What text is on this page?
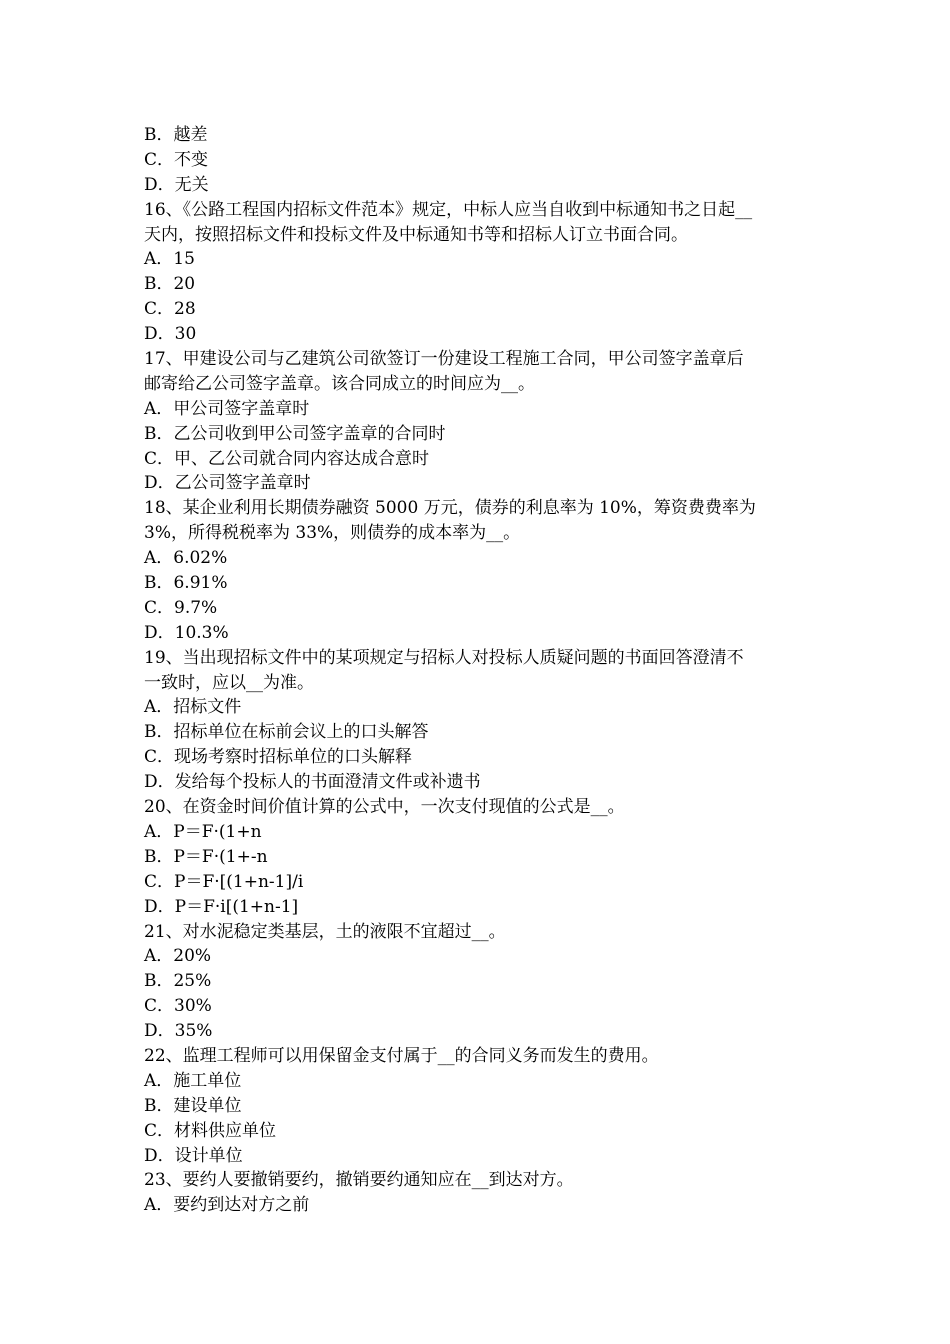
B．越差
C．不变
D．无关
16、《公路工程国内招标文件范本》规定，中标人应当自收到中标通知书之日起__
天内，按照招标文件和投标文件及中标通知书等和招标人订立书面合同。
A．15
B．20
C．28
D．30
17、甲建设公司与乙建筑公司欲签订一份建设工程施工合同，甲公司签字盖章后
邮寄给乙公司签字盖章。该合同成立的时间应为__。
A．甲公司签字盖章时
B．乙公司收到甲公司签字盖章的合同时
C．甲、乙公司就合同内容达成合意时
D．乙公司签字盖章时
18、某企业利用长期债券融资 5000 万元，债券的利息率为 10%，筹资费费率为
3%，所得税税率为 33%，则债券的成本率为__。
A．6.02%
B．6.91%
C．9.7%
D．10.3%
19、当出现招标文件中的某项规定与招标人对投标人质疑问题的书面回答澄清不
一致时，应以__为准。
A．招标文件
B．招标单位在标前会议上的口头解答
C．现场考察时招标单位的口头解释
D．发给每个投标人的书面澄清文件或补遗书
20、在资金时间价值计算的公式中，一次支付现值的公式是__。
A．P＝F·(1+n
B．P＝F·(1+-n
C．P＝F·[(1+n-1]/i
D．P＝F·i[(1+n-1]
21、对水泥稳定类基层，土的液限不宜超过__。
A．20%
B．25%
C．30%
D．35%
22、监理工程师可以用保留金支付属于__的合同义务而发生的费用。
A．施工单位
B．建设单位
C．材料供应单位
D．设计单位
23、要约人要撤销要约，撤销要约通知应在__到达对方。
A．要约到达对方之前
